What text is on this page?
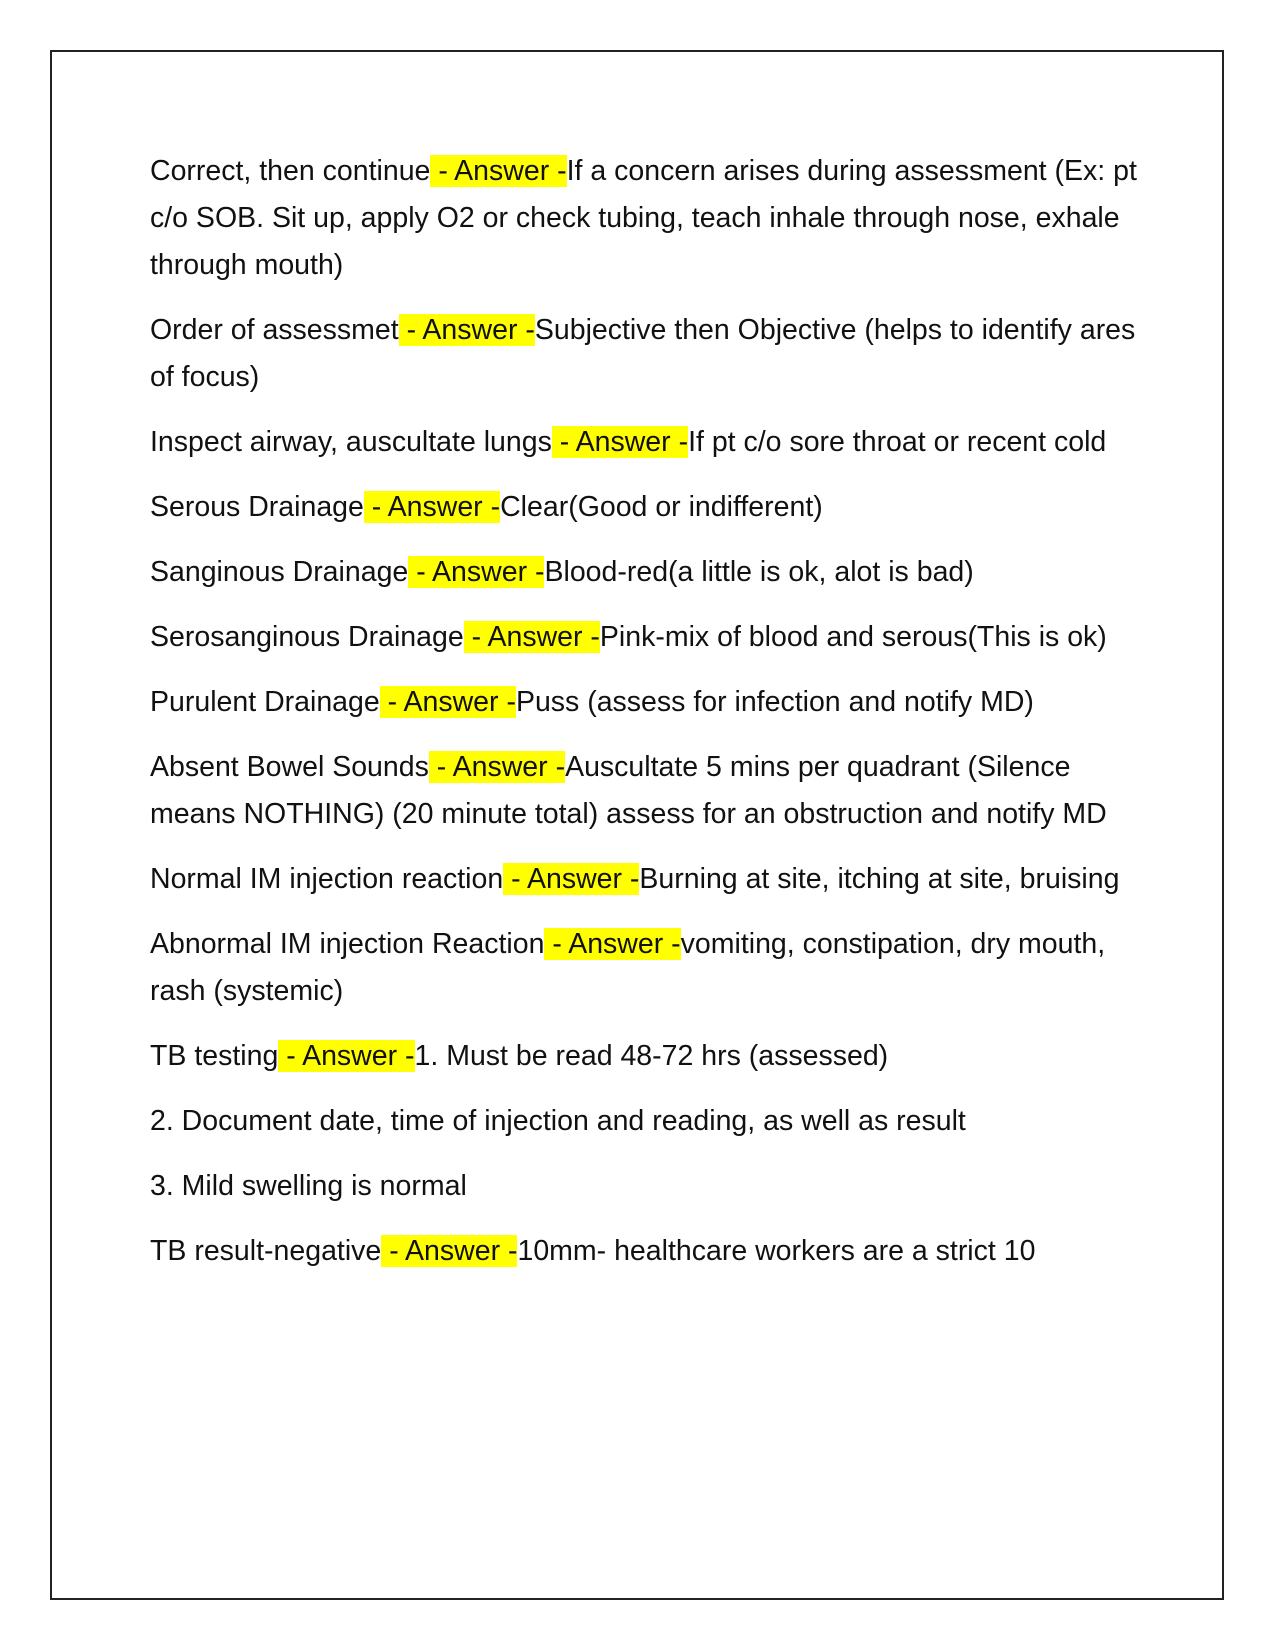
Correct, then continue - Answer -If a concern arises during assessment (Ex: pt c/o SOB. Sit up, apply O2 or check tubing, teach inhale through nose, exhale through mouth)

Order of assessmet - Answer -Subjective then Objective (helps to identify ares of focus)

Inspect airway, auscultate lungs - Answer -If pt c/o sore throat or recent cold

Serous Drainage - Answer -Clear(Good or indifferent)

Sanginous Drainage - Answer -Blood-red(a little is ok, alot is bad)

Serosanginous Drainage - Answer -Pink-mix of blood and serous(This is ok)

Purulent Drainage - Answer -Puss (assess for infection and notify MD)

Absent Bowel Sounds - Answer -Auscultate 5 mins per quadrant (Silence means NOTHING) (20 minute total) assess for an obstruction and notify MD

Normal IM injection reaction - Answer -Burning at site, itching at site, bruising

Abnormal IM injection Reaction - Answer -vomiting, constipation, dry mouth, rash (systemic)

TB testing - Answer -1. Must be read 48-72 hrs (assessed)

2. Document date, time of injection and reading, as well as result

3. Mild swelling is normal

TB result-negative - Answer -10mm- healthcare workers are a strict 10
